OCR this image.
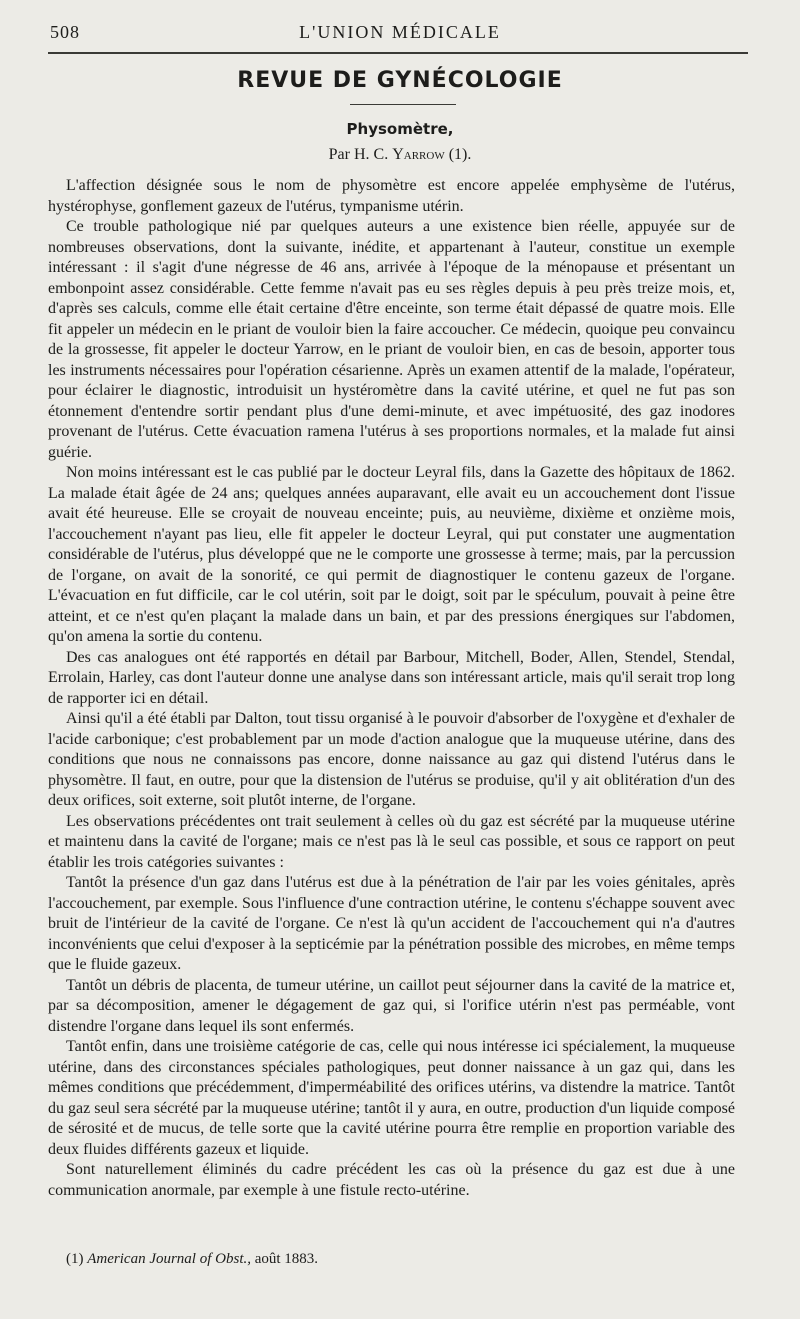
508	L'UNION MÉDICALE
REVUE DE GYNÉCOLOGIE
Physomètre,
Par H. C. Yarrow (1).

L'affection désignée sous le nom de physomètre est encore appelée emphysème de l'utérus, hystérophyse, gonflement gazeux de l'utérus, tympanisme utérin.

Ce trouble pathologique nié par quelques auteurs a une existence bien réelle, appuyée sur de nombreuses observations, dont la suivante, inédite, et appartenant à l'auteur, constitue un exemple intéressant : il s'agit d'une négresse de 46 ans, arrivée à l'époque de la ménopause et présentant un embonpoint assez considérable. Cette femme n'avait pas eu ses règles depuis à peu près treize mois, et, d'après ses calculs, comme elle était certaine d'être enceinte, son terme était dépassé de quatre mois. Elle fit appeler un médecin en le priant de vouloir bien la faire accoucher. Ce médecin, quoique peu convaincu de la grossesse, fit appeler le docteur Yarrow, en le priant de vouloir bien, en cas de besoin, apporter tous les instruments nécessaires pour l'opération césarienne. Après un examen attentif de la malade, l'opérateur, pour éclairer le diagnostic, introduisit un hystéromètre dans la cavité utérine, et quel ne fut pas son étonnement d'entendre sortir pendant plus d'une demi-minute, et avec impétuosité, des gaz inodores provenant de l'utérus. Cette évacuation ramena l'utérus à ses proportions normales, et la malade fut ainsi guérie.

Non moins intéressant est le cas publié par le docteur Leyral fils, dans la Gazette des hôpitaux de 1862. La malade était âgée de 24 ans; quelques années auparavant, elle avait eu un accouchement dont l'issue avait été heureuse. Elle se croyait de nouveau enceinte; puis, au neuvième, dixième et onzième mois, l'accouchement n'ayant pas lieu, elle fit appeler le docteur Leyral, qui put constater une augmentation considérable de l'utérus, plus développé que ne le comporte une grossesse à terme; mais, par la percussion de l'organe, on avait de la sonorité, ce qui permit de diagnostiquer le contenu gazeux de l'organe. L'évacuation en fut difficile, car le col utérin, soit par le doigt, soit par le spéculum, pouvait à peine être atteint, et ce n'est qu'en plaçant la malade dans un bain, et par des pressions énergiques sur l'abdomen, qu'on amena la sortie du contenu.

Des cas analogues ont été rapportés en détail par Barbour, Mitchell, Boder, Allen, Stendel, Stendal, Errolain, Harley, cas dont l'auteur donne une analyse dans son intéressant article, mais qu'il serait trop long de rapporter ici en détail.

Ainsi qu'il a été établi par Dalton, tout tissu organisé à le pouvoir d'absorber de l'oxygène et d'exhaler de l'acide carbonique; c'est probablement par un mode d'action analogue que la muqueuse utérine, dans des conditions que nous ne connaissons pas encore, donne naissance au gaz qui distend l'utérus dans le physomètre. Il faut, en outre, pour que la distension de l'utérus se produise, qu'il y ait oblitération d'un des deux orifices, soit externe, soit plutôt interne, de l'organe.

Les observations précédentes ont trait seulement à celles où du gaz est sécrété par la muqueuse utérine et maintenu dans la cavité de l'organe; mais ce n'est pas là le seul cas possible, et sous ce rapport on peut établir les trois catégories suivantes :

Tantôt la présence d'un gaz dans l'utérus est due à la pénétration de l'air par les voies génitales, après l'accouchement, par exemple. Sous l'influence d'une contraction utérine, le contenu s'échappe souvent avec bruit de l'intérieur de la cavité de l'organe. Ce n'est là qu'un accident de l'accouchement qui n'a d'autres inconvénients que celui d'exposer à la septicémie par la pénétration possible des microbes, en même temps que le fluide gazeux.

Tantôt un débris de placenta, de tumeur utérine, un caillot peut séjourner dans la cavité de la matrice et, par sa décomposition, amener le dégagement de gaz qui, si l'orifice utérin n'est pas perméable, vont distendre l'organe dans lequel ils sont enfermés.

Tantôt enfin, dans une troisième catégorie de cas, celle qui nous intéresse ici spécialement, la muqueuse utérine, dans des circonstances spéciales pathologiques, peut donner naissance à un gaz qui, dans les mêmes conditions que précédemment, d'imperméabilité des orifices utérins, va distendre la matrice. Tantôt du gaz seul sera sécrété par la muqueuse utérine; tantôt il y aura, en outre, production d'un liquide composé de sérosité et de mucus, de telle sorte que la cavité utérine pourra être remplie en proportion variable des deux fluides différents gazeux et liquide.

Sont naturellement éliminés du cadre précédent les cas où la présence du gaz est due à une communication anormale, par exemple à une fistule recto-utérine.

(1) American Journal of Obst., août 1883.
